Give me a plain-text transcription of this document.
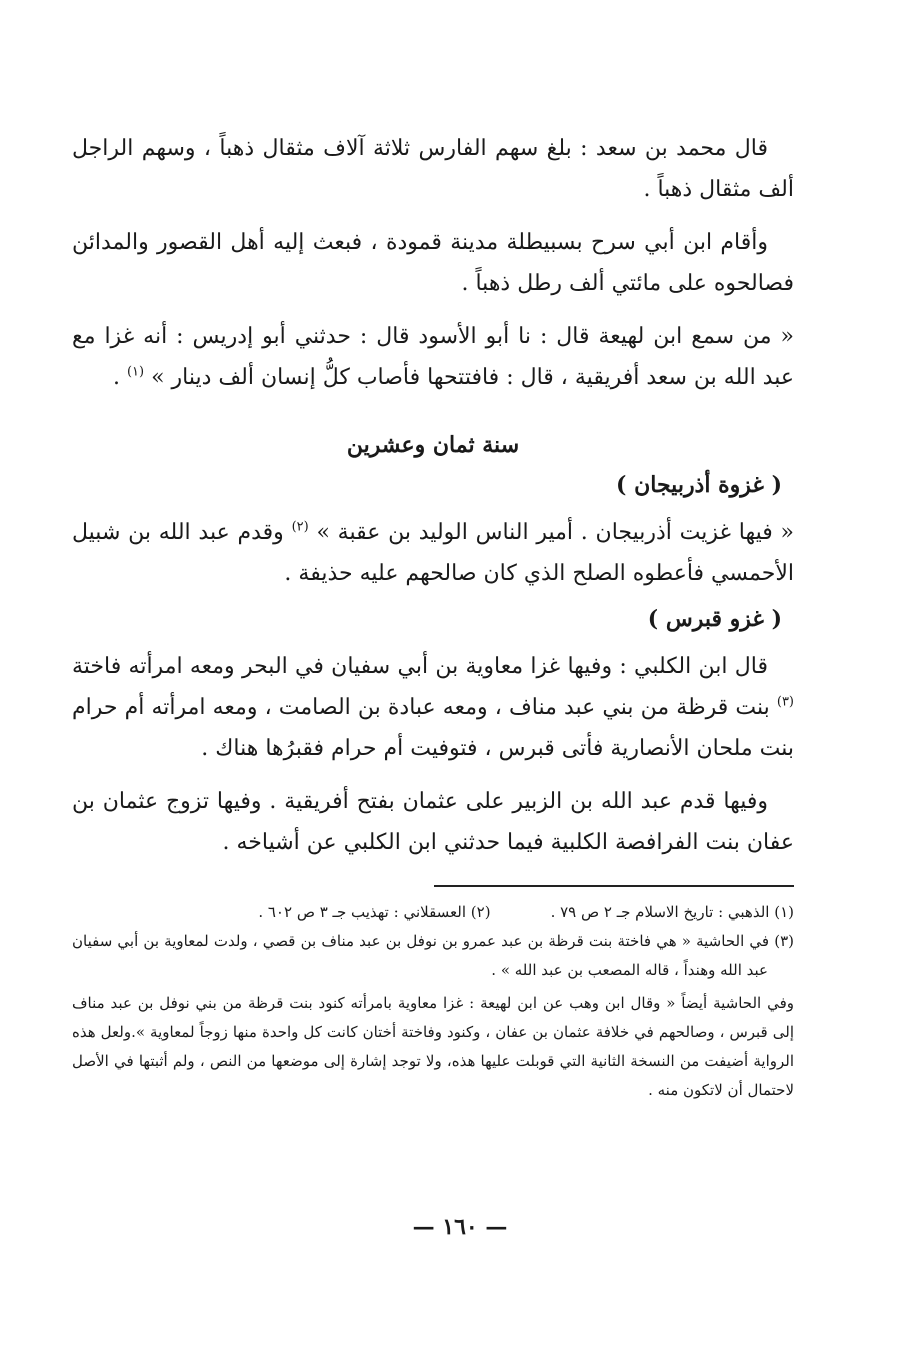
قال محمد بن سعد : بلغ سهم الفارس ثلاثة آلاف مثقال ذهباً ، وسهم الراجل ألف مثقال ذهباً .

وأقام ابن أبي سرح بسبيطلة مدينة قمودة ، فبعث إليه أهل القصور والمدائن فصالحوه على مائتي ألف رطل ذهباً .

« من سمع ابن لهيعة قال : نا أبو الأسود قال : حدثني أبو إدريس : أنه غزا مع عبد الله بن سعد أفريقية ، قال : فافتتحها فأصاب كلُّ إنسان ألف دينار » $^{(١)}$ .

سنة ثمان وعشرين
( غزوة أذربيجان )

« فيها غزيت أذربيجان . أمير الناس الوليد بن عقبة » $^{(٢)}$ وقدم عبد الله بن شبيل الأحمسي فأعطوه الصلح الذي كان صالحهم عليه حذيفة .

( غزو قبرس )

قال ابن الكلبي : وفيها غزا معاوية بن أبي سفيان في البحر ومعه امرأته فاختة $^{(٣)}$ بنت قرظة من بني عبد مناف ، ومعه عبادة بن الصامت ، ومعه امرأته أم حرام بنت ملحان الأنصارية فأتى قبرس ، فتوفيت أم حرام فقبرُها هناك .

وفيها قدم عبد الله بن الزبير على عثمان بفتح أفريقية . وفيها تزوج عثمان بن عفان بنت الفرافصة الكلبية فيما حدثني ابن الكلبي عن أشياخه .

(١) الذهبي : تاريخ الاسلام جـ ٢ ص ٧٩ .
(٢) العسقلاني : تهذيب جـ ٣ ص ٦٠٢ .

(٣) في الحاشية « هي فاختة بنت قرظة بن عبد عمرو بن نوفل بن عبد مناف بن قصي ، ولدت لمعاوية بن أبي سفيان عبد الله وهنداً ، قاله المصعب بن عبد الله » .

وفي الحاشية أيضاً « وقال ابن وهب عن ابن لهيعة : غزا معاوية بامرأته كنود بنت قرظة من بني نوفل بن عبد مناف إلى قبرس ، وصالحهم في خلافة عثمان بن عفان ، وكنود وفاختة أختان كانت كل واحدة منها زوجاً لمعاوية ».ولعل هذه الرواية أضيفت من النسخة الثانية التي قوبلت عليها هذه، ولا توجد إشارة إلى موضعها من النص ، ولم أثبتها في الأصل لاحتمال أن لاتكون منه .

— ١٦٠ —
